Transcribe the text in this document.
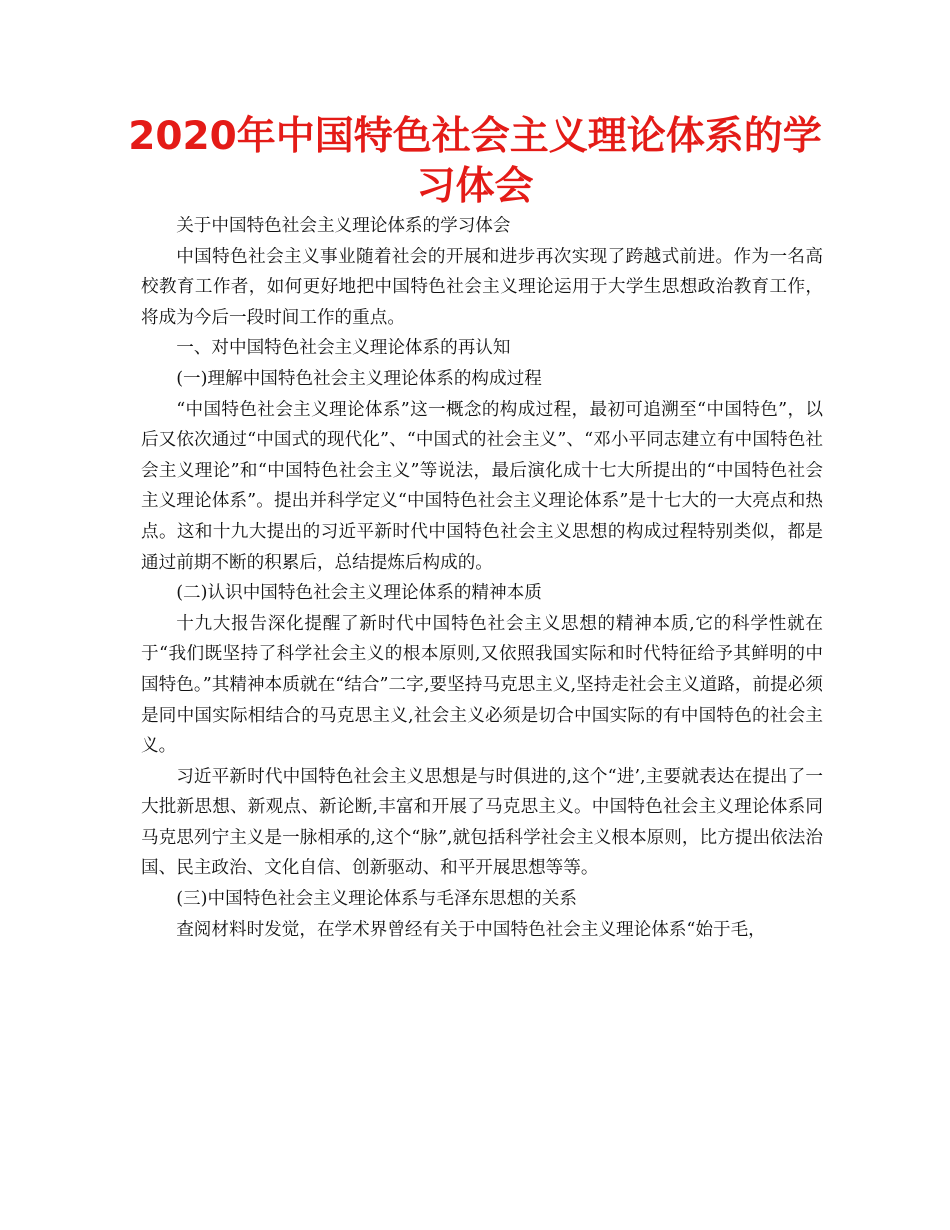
2020年中国特色社会主义理论体系的学习体会

关于中国特色社会主义理论体系的学习体会

中国特色社会主义事业随着社会的开展和进步再次实现了跨越式前进。作为一名高校教育工作者，如何更好地把中国特色社会主义理论运用于大学生思想政治教育工作，将成为今后一段时间工作的重点。

一、对中国特色社会主义理论体系的再认知

(一)理解中国特色社会主义理论体系的构成过程

“中国特色社会主义理论体系”这一概念的构成过程，最初可追溯至“中国特色”，以后又依次通过“中国式的现代化”、“中国式的社会主义”、“邓小平同志建立有中国特色社会主义理论”和“中国特色社会主义”等说法，最后演化成十七大所提出的“中国特色社会主义理论体系”。提出并科学定义“中国特色社会主义理论体系”是十七大的一大亮点和热点。这和十九大提出的习近平新时代中国特色社会主义思想的构成过程特别类似，都是通过前期不断的积累后，总结提炼后构成的。

(二)认识中国特色社会主义理论体系的精神本质

十九大报告深化提醒了新时代中国特色社会主义思想的精神本质,它的科学性就在于“我们既坚持了科学社会主义的根本原则,又依照我国实际和时代特征给予其鲜明的中国特色。”其精神本质就在“结合”二字,要坚持马克思主义,坚持走社会主义道路，前提必须是同中国实际相结合的马克思主义,社会主义必须是切合中国实际的有中国特色的社会主义。

习近平新时代中国特色社会主义思想是与时俱进的,这个“进’,主要就表达在提出了一大批新思想、新观点、新论断,丰富和开展了马克思主义。中国特色社会主义理论体系同马克思列宁主义是一脉相承的,这个“脉”,就包括科学社会主义根本原则，比方提出依法治国、民主政治、文化自信、创新驱动、和平开展思想等等。

(三)中国特色社会主义理论体系与毛泽东思想的关系

查阅材料时发觉，在学术界曾经有关于中国特色社会主义理论体系“始于毛，
